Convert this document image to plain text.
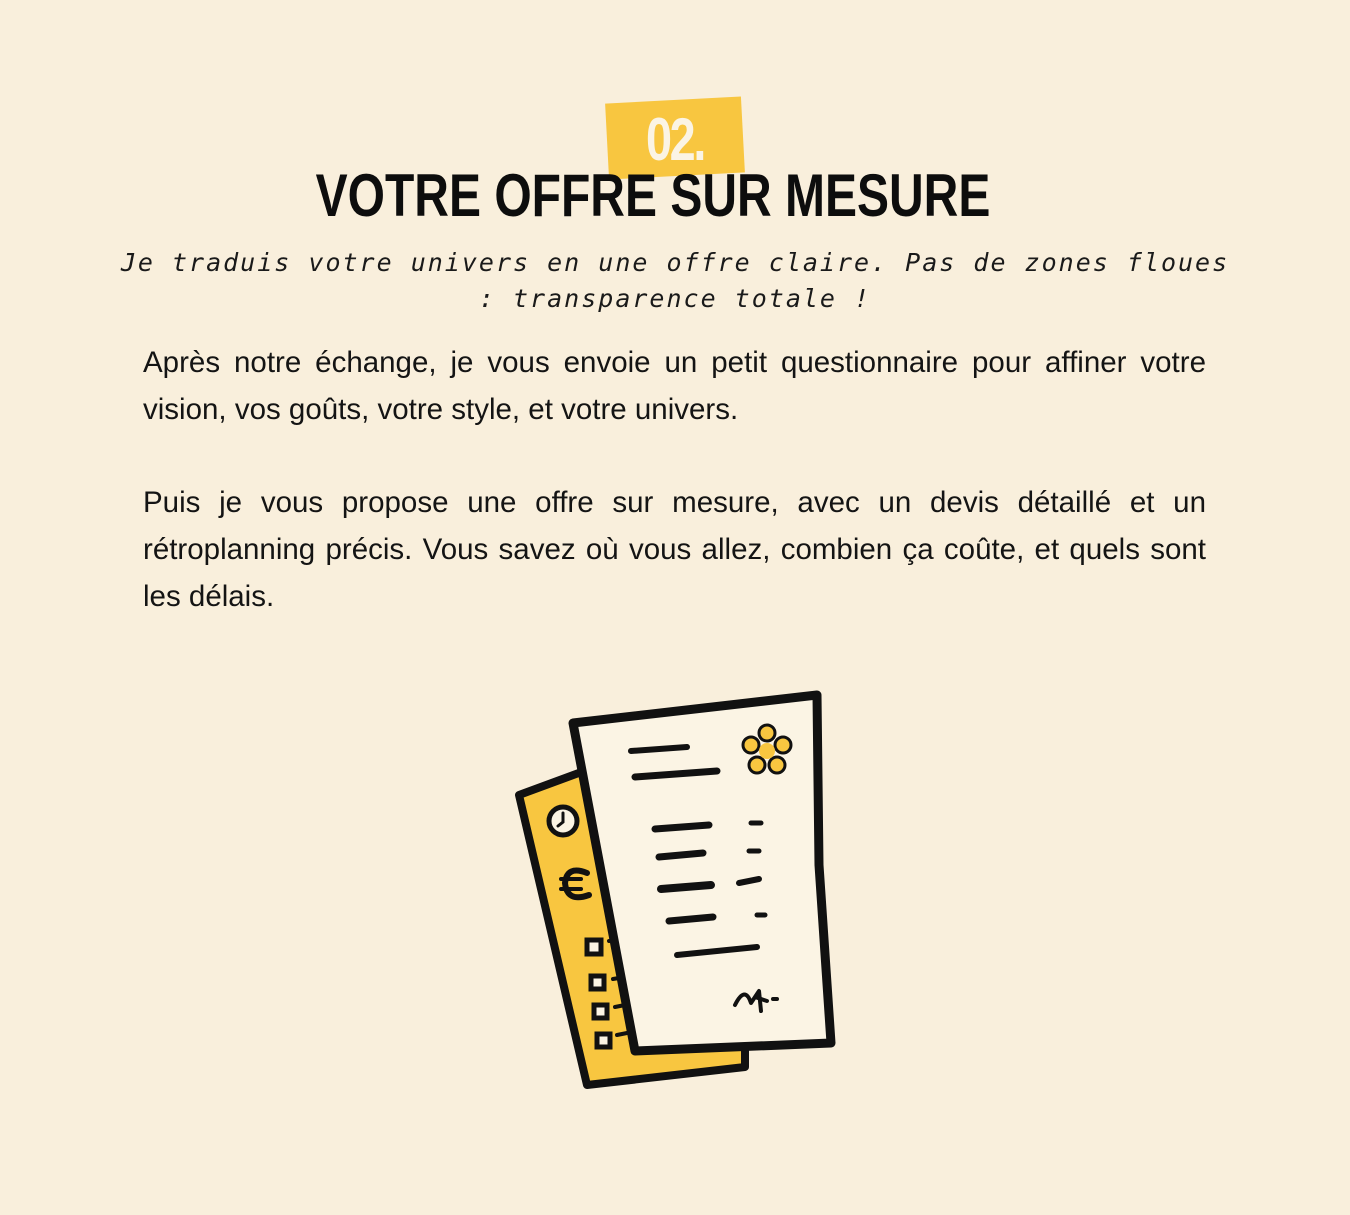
02.
VOTRE OFFRE SUR MESURE

Je traduis votre univers en une offre claire. Pas de zones floues : transparence totale !

Après notre échange, je vous envoie un petit questionnaire pour affiner votre vision, vos goûts, votre style, et votre univers.

Puis je vous propose une offre sur mesure, avec un devis détaillé et un rétroplanning précis. Vous savez où vous allez, combien ça coûte, et quels sont les délais.
